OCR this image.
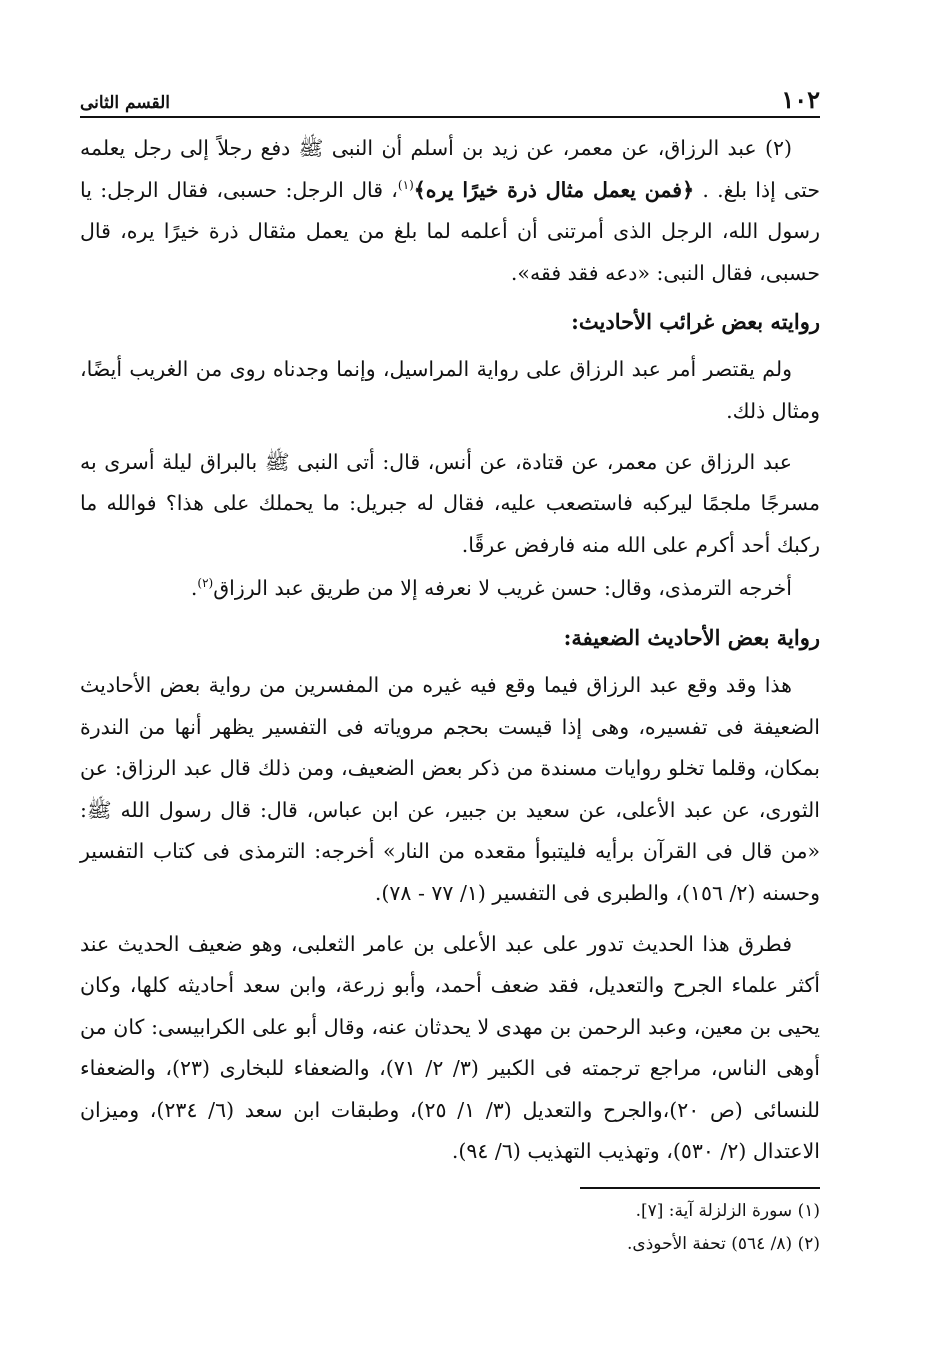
١٠٢
القسم الثانى

(٢) عبد الرزاق، عن معمر، عن زيد بن أسلم أن النبى ﷺ دفع رجلاً إلى رجل يعلمه حتى إذا بلغ. . ﴿فمن يعمل مثال ذرة خيرًا يره﴾$^{(١)}$، قال الرجل: حسبى، فقال الرجل: يا رسول الله، الرجل الذى أمرتنى أن أعلمه لما بلغ من يعمل مثقال ذرة خيرًا يره، قال حسبى، فقال النبى: «دعه فقد فقه».

روايته بعض غرائب الأحاديث:

ولم يقتصر أمر عبد الرزاق على رواية المراسيل، وإنما وجدناه روى من الغريب أيضًا، ومثال ذلك.

عبد الرزاق عن معمر، عن قتادة، عن أنس، قال: أتى النبى ﷺ بالبراق ليلة أسرى به مسرجًا ملجمًا ليركبه فاستصعب عليه، فقال له جبريل: ما يحملك على هذا؟ فوالله ما ركبك أحد أكرم على الله منه فارفض عرقًا.

أخرجه الترمذى، وقال: حسن غريب لا نعرفه إلا من طريق عبد الرزاق$^{(٢)}$.

رواية بعض الأحاديث الضعيفة:

هذا وقد وقع عبد الرزاق فيما وقع فيه غيره من المفسرين من رواية بعض الأحاديث الضعيفة فى تفسيره، وهى إذا قيست بحجم مروياته فى التفسير يظهر أنها من الندرة بمكان، وقلما تخلو روايات مسندة من ذكر بعض الضعيف، ومن ذلك قال عبد الرزاق: عن الثورى، عن عبد الأعلى، عن سعيد بن جبير، عن ابن عباس، قال: قال رسول الله ﷺ: «من قال فى القرآن برأيه فليتبوأ مقعده من النار» أخرجه: الترمذى فى كتاب التفسير وحسنه (٢/ ١٥٦)، والطبرى فى التفسير (١/ ٧٧ - ٧٨).

فطرق هذا الحديث تدور على عبد الأعلى بن عامر الثعلبى، وهو ضعيف الحديث عند أكثر علماء الجرح والتعديل، فقد ضعف أحمد، وأبو زرعة، وابن سعد أحاديثه كلها، وكان يحيى بن معين، وعبد الرحمن بن مهدى لا يحدثان عنه، وقال أبو على الكرابيسى: كان من أوهى الناس، مراجع ترجمته فى الكبير (٣/ ٢/ ٧١)، والضعفاء للبخارى (٢٣)، والضعفاء للنسائى (ص ٢٠)،والجرح والتعديل (٣/ ١/ ٢٥)، وطبقات ابن سعد (٦/ ٢٣٤)، وميزان الاعتدال (٢/ ٥٣٠)، وتهذيب التهذيب (٦/ ٩٤).

(١) سورة الزلزلة آية: [٧].

(٢) (٨/ ٥٦٤) تحفة الأحوذى.
